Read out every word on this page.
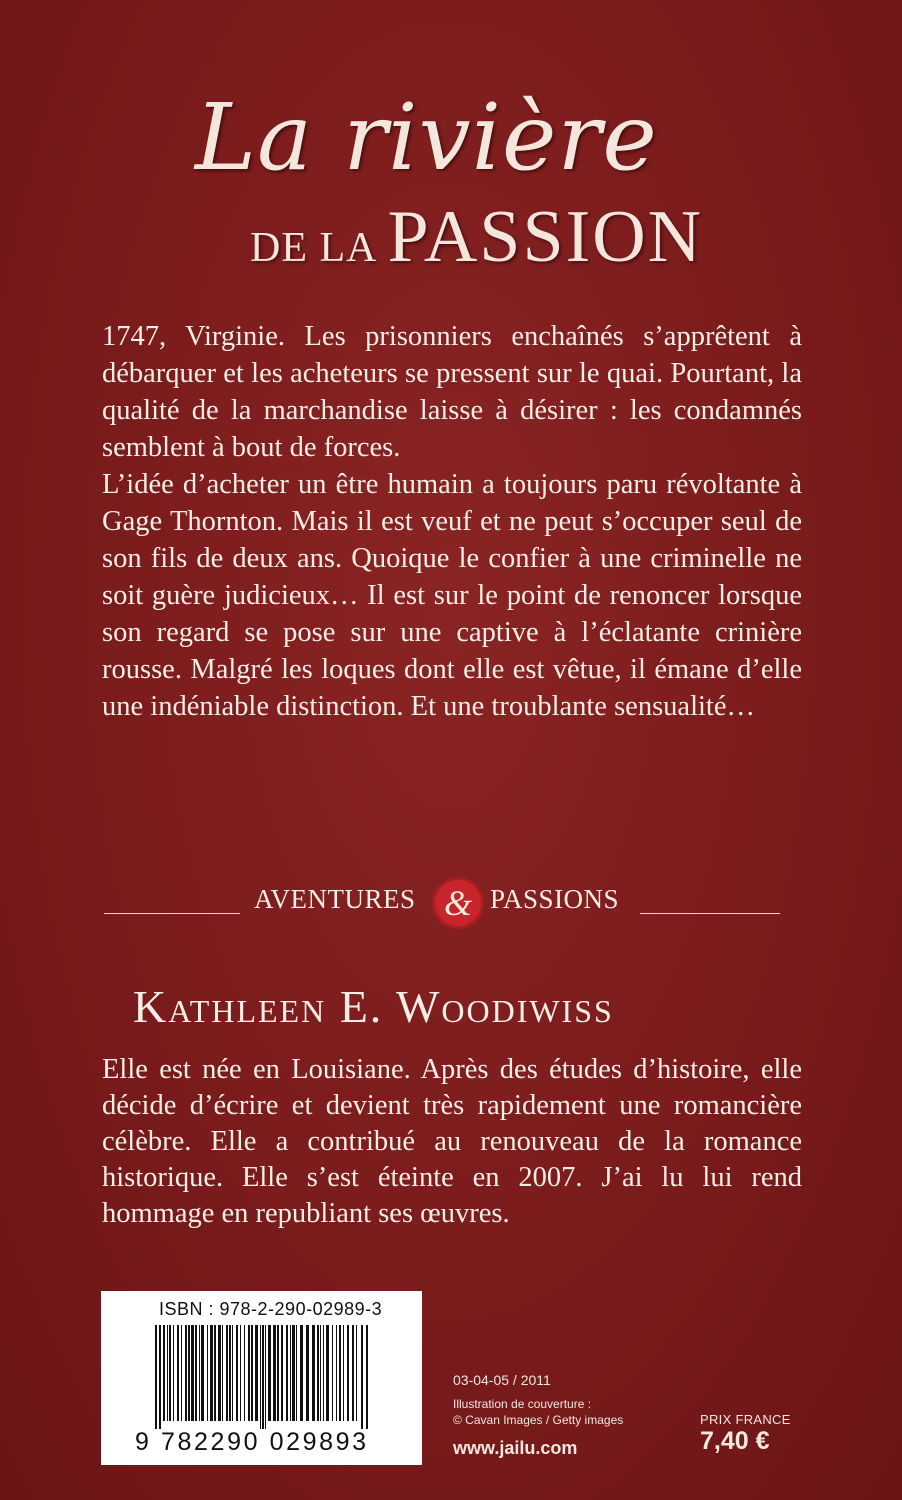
La rivière
DE LA PASSION

1747, Virginie. Les prisonniers enchaînés s’apprêtent à débarquer et les acheteurs se pressent sur le quai. Pourtant, la qualité de la marchandise laisse à désirer : les condamnés semblent à bout de forces.

L’idée d’acheter un être humain a toujours paru révoltante à Gage Thornton. Mais il est veuf et ne peut s’occuper seul de son fils de deux ans. Quoique le confier à une criminelle ne soit guère judicieux… Il est sur le point de renoncer lorsque son regard se pose sur une captive à l’éclatante crinière rousse. Malgré les loques dont elle est vêtue, il émane d’elle une indéniable distinction. Et une troublante sensualité…

AVENTURES & PASSIONS
Kathleen E. Woodiwiss

Elle est née en Louisiane. Après des études d’histoire, elle décide d’écrire et devient très rapidement une romancière célèbre. Elle a contribué au renouveau de la romance historique. Elle s’est éteinte en 2007. J’ai lu lui rend hommage en republiant ses œuvres.

ISBN : 978-2-290-02989-3
9 782290 029893
03-04-05 / 2011
Illustration de couverture :
© Cavan Images / Getty images
www.jailu.com
PRIX FRANCE
7,40 €
